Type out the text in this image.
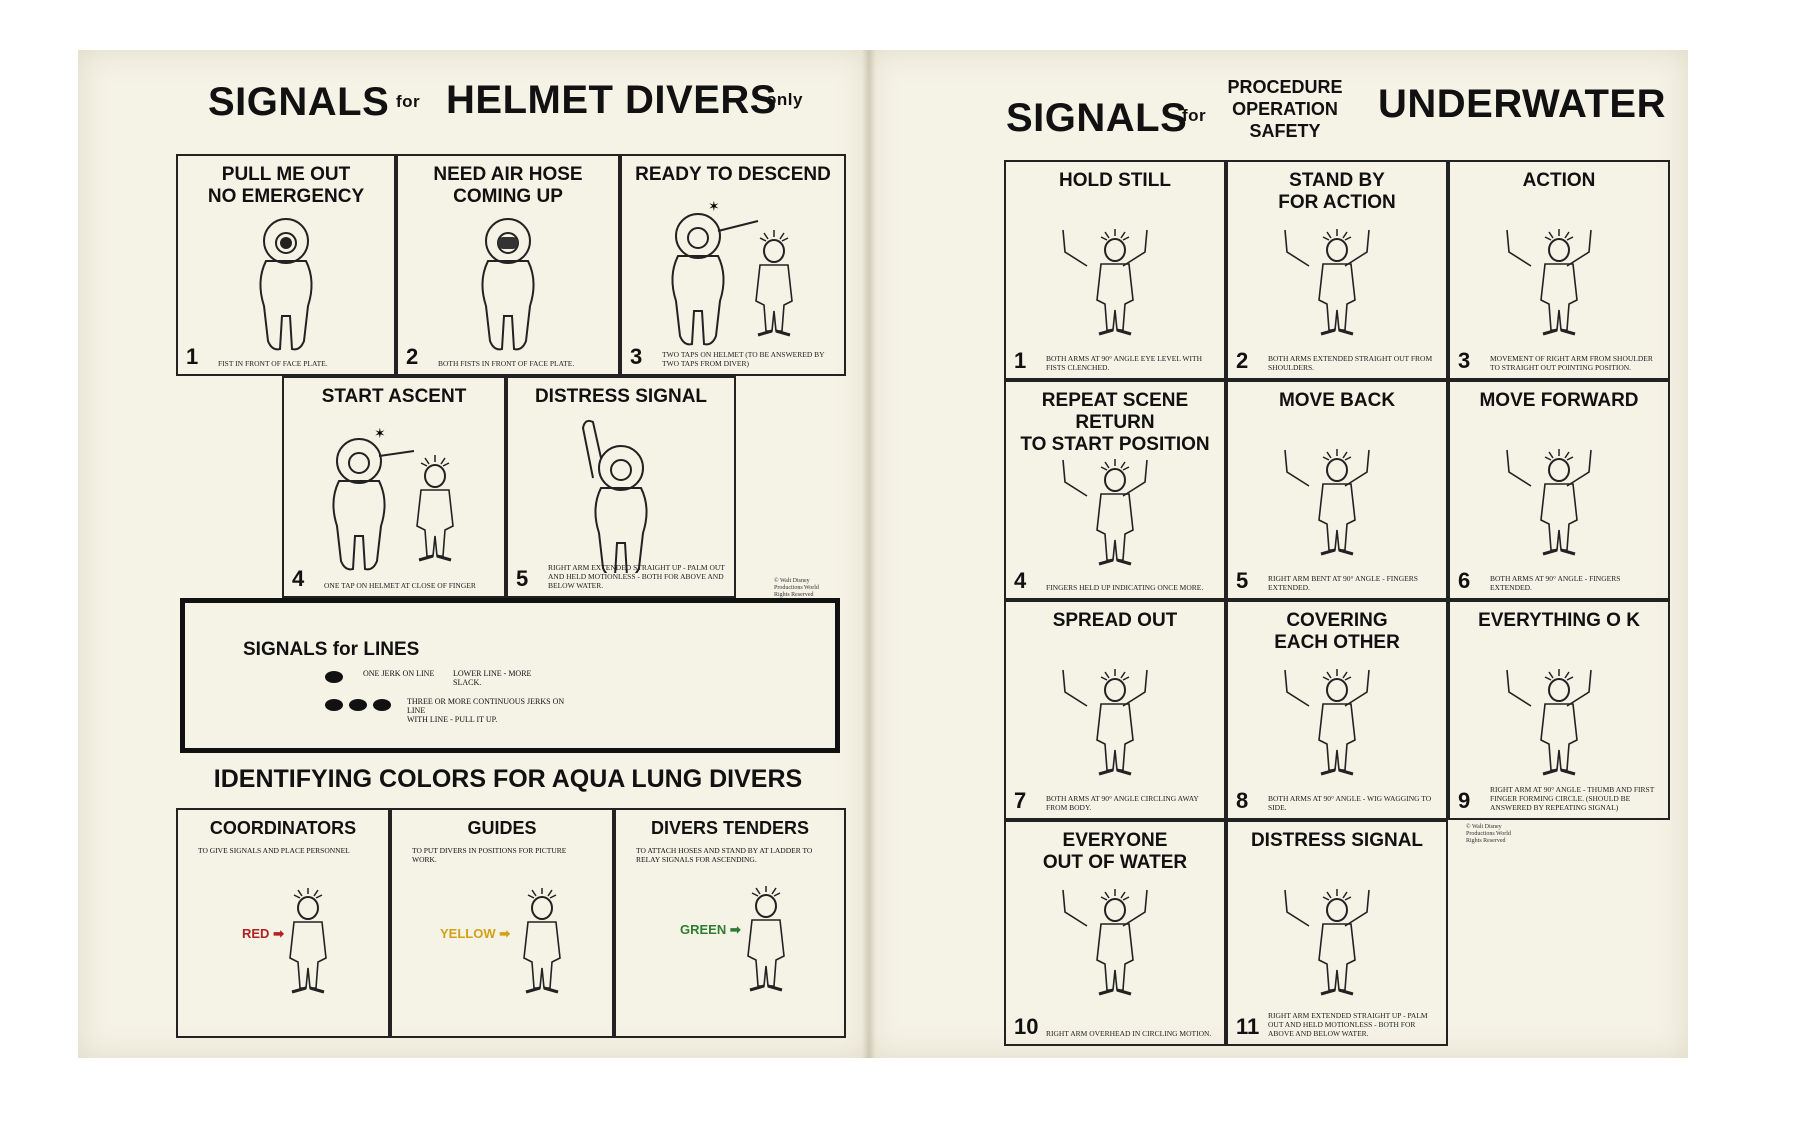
SIGNALS for HELMET DIVERS
only
PULL ME OUT
NO EMERGENCY
1	FIST IN FRONT OF FACE PLATE.
NEED AIR HOSE
COMING UP
2	BOTH FISTS IN FRONT OF FACE PLATE.
READY TO DESCEND
✶
3	TWO TAPS ON HELMET (TO BE ANSWERED BY TWO TAPS FROM DIVER)
START ASCENT
✶
4	ONE TAP ON HELMET AT CLOSE OF FINGER
DISTRESS SIGNAL
5	RIGHT ARM EXTENDED STRAIGHT UP - PALM OUT AND HELD MOTIONLESS - BOTH FOR ABOVE AND BELOW WATER.	© Walt Disney Productions World Rights Reserved
SIGNALS for LINES
ONE JERK ON LINE LOWER LINE - MORE SLACK.
THREE OR MORE CONTINUOUS JERKS ON LINE
WITH LINE - PULL IT UP.
IDENTIFYING COLORS FOR AQUA LUNG DIVERS
COORDINATORS
TO GIVE SIGNALS AND PLACE PERSONNEL
RED ➡
GUIDES
TO PUT DIVERS IN POSITIONS FOR PICTURE WORK.
YELLOW ➡
DIVERS TENDERS
TO ATTACH HOSES AND STAND BY AT LADDER TO RELAY SIGNALS FOR ASCENDING.
GREEN ➡
SIGNALS
for
PROCEDURE
OPERATION
SAFETY
UNDERWATER
HOLD STILL
1	BOTH ARMS AT 90° ANGLE EYE LEVEL WITH FISTS CLENCHED.
STAND BY
FOR ACTION
2	BOTH ARMS EXTENDED STRAIGHT OUT FROM SHOULDERS.
ACTION
3	MOVEMENT OF RIGHT ARM FROM SHOULDER TO STRAIGHT OUT POINTING POSITION.
REPEAT SCENE
RETURN
TO START POSITION
4	FINGERS HELD UP INDICATING ONCE MORE.
MOVE BACK
5	RIGHT ARM BENT AT 90° ANGLE - FINGERS EXTENDED.
MOVE FORWARD
6	BOTH ARMS AT 90° ANGLE - FINGERS EXTENDED.
SPREAD OUT
7	BOTH ARMS AT 90° ANGLE CIRCLING AWAY FROM BODY.
COVERING
EACH OTHER
8	BOTH ARMS AT 90° ANGLE - WIG WAGGING TO SIDE.
EVERYTHING O K
9	RIGHT ARM AT 90° ANGLE - THUMB AND FIRST FINGER FORMING CIRCLE. (SHOULD BE ANSWERED BY REPEATING SIGNAL)
EVERYONE
OUT OF WATER
10 RIGHT ARM OVERHEAD IN CIRCLING MOTION.
DISTRESS SIGNAL
11 RIGHT ARM EXTENDED STRAIGHT UP - PALM OUT AND HELD MOTIONLESS - BOTH FOR ABOVE AND BELOW WATER.
© Walt Disney Productions World Rights Reserved
